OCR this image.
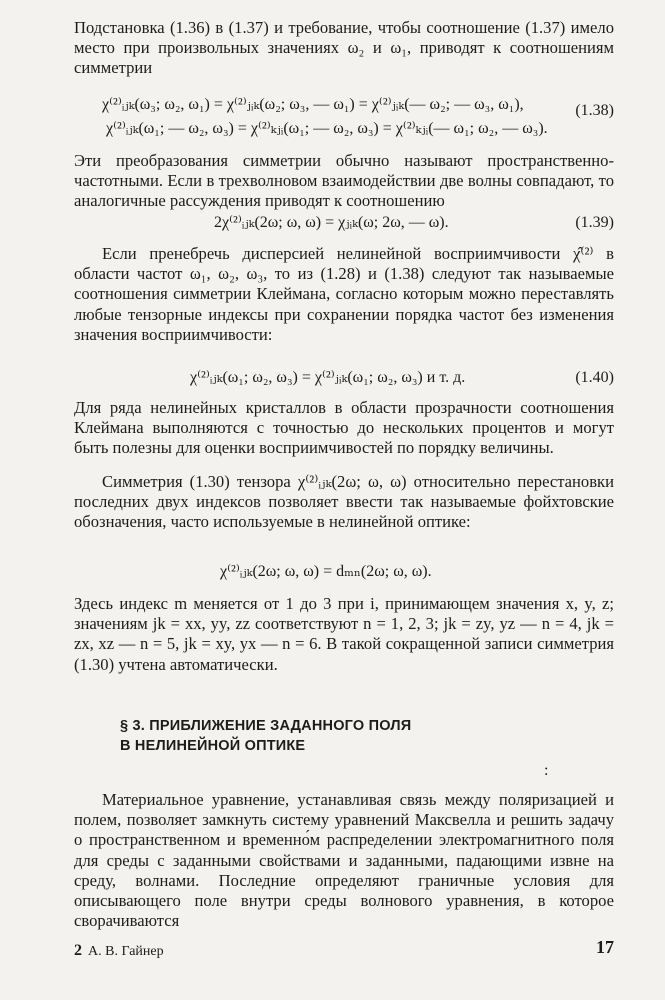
Подстановка (1.36) в (1.37) и требование, чтобы соотношение (1.37) имело место при произвольных значениях ω₂ и ω₁, приводят к соотношениям симметрии

χ⁽²⁾ᵢⱼₖ(ω₃; ω₂, ω₁) = χ⁽²⁾ⱼᵢₖ(ω₂; ω₃, — ω₁) = χ⁽²⁾ⱼᵢₖ(— ω₂; — ω₃, ω₁),
χ⁽²⁾ᵢⱼₖ(ω₁; — ω₂, ω₃) = χ⁽²⁾ₖⱼᵢ(ω₁; — ω₂, ω₃) = χ⁽²⁾ₖⱼᵢ(— ω₁; ω₂, — ω₃).
(1.38)

Эти преобразования симметрии обычно называют пространственно-частотными. Если в трехволновом взаимодействии две волны совпадают, то аналогичные рассуждения приводят к соотношению

2χ⁽²⁾ᵢⱼₖ(2ω; ω, ω) = χⱼᵢₖ(ω; 2ω, — ω).	(1.39)

Если пренебречь дисперсией нелинейной восприимчивости χ̂⁽²⁾ в области частот ω₁, ω₂, ω₃, то из (1.28) и (1.38) следуют так называемые соотношения симметрии Клеймана, согласно которым можно переставлять любые тензорные индексы при сохранении порядка частот без изменения значения восприимчивости:

χ⁽²⁾ᵢⱼₖ(ω₁; ω₂, ω₃) = χ⁽²⁾ⱼᵢₖ(ω₁; ω₂, ω₃) и т. д.	(1.40)

Для ряда нелинейных кристаллов в области прозрачности соотношения Клеймана выполняются с точностью до нескольких процентов и могут быть полезны для оценки восприимчивостей по порядку величины.

Симметрия (1.30) тензора χ⁽²⁾ᵢⱼₖ(2ω; ω, ω) относительно перестановки последних двух индексов позволяет ввести так называемые фойхтовские обозначения, часто используемые в нелинейной оптике:

χ⁽²⁾ᵢⱼₖ(2ω; ω, ω) = dₘₙ(2ω; ω, ω).

Здесь индекс m меняется от 1 до 3 при i, принимающем значения x, y, z; значениям jk = xx, yy, zz соответствуют n = 1, 2, 3; jk = zy, yz — n = 4, jk = zx, xz — n = 5, jk = xy, yx — n = 6. В такой сокращенной записи симметрия (1.30) учтена автоматически.

§ 3. ПРИБЛИЖЕНИЕ ЗАДАННОГО ПОЛЯ
В НЕЛИНЕЙНОЙ ОПТИКЕ
:

Материальное уравнение, устанавливая связь между поляризацией и полем, позволяет замкнуть систему уравнений Максвелла и решить задачу о пространственном и временно́м распределении электромагнитного поля для среды с заданными свойствами и заданными, падающими извне на среду, волнами. Последние определяют граничные условия для описывающего поле внутри среды волнового уравнения, в которое сворачиваются

2 А. В. Гайнер	17
